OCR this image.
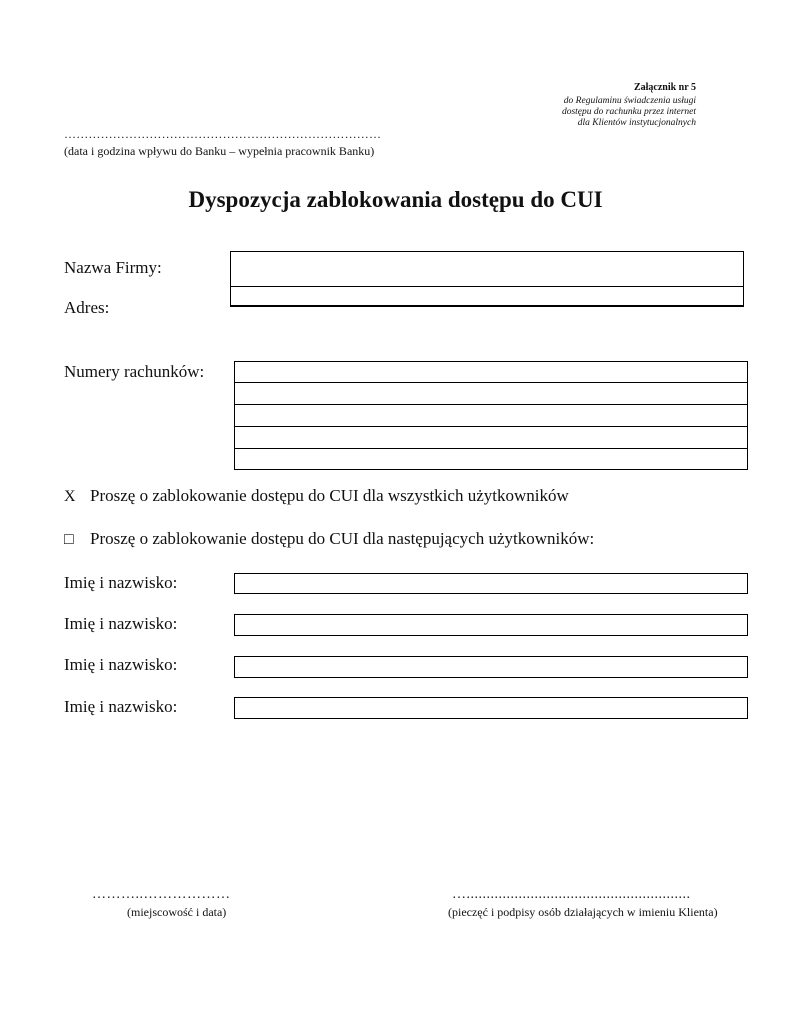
Załącznik nr 5
do Regulaminu świadczenia usługi
dostępu do rachunku przez internet
dla Klientów instytucjonalnych
……………………………………………………………………
(data i godzina wpływu do Banku – wypełnia pracownik Banku)
Dyspozycja zablokowania dostępu do CUI
Nazwa Firmy:
Adres:
Numery rachunków:
X Proszę o zablokowanie dostępu do CUI dla wszystkich użytkowników
□ Proszę o zablokowanie dostępu do CUI dla następujących użytkowników:
Imię i nazwisko:
Imię i nazwisko:
Imię i nazwisko:
Imię i nazwisko:
………..………………
(miejscowość i data)
…........................................................
(pieczęć i podpisy osób działających w imieniu Klienta)
